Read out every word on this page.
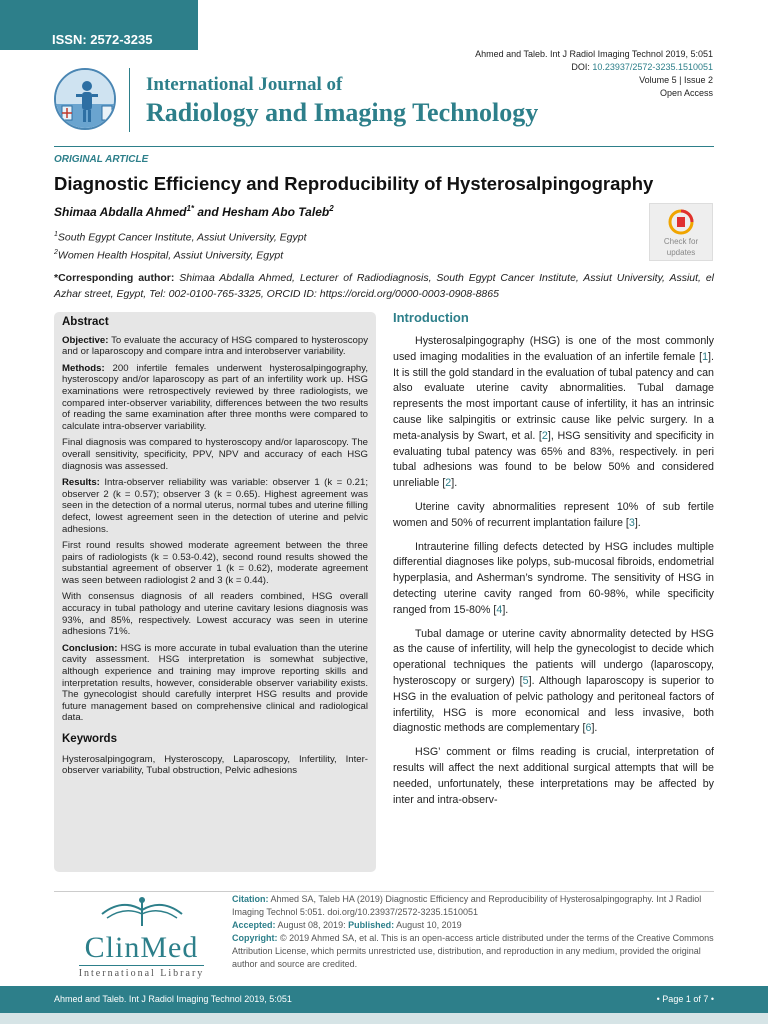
ISSN: 2572-3235
Ahmed and Taleb. Int J Radiol Imaging Technol 2019, 5:051
DOI: 10.23937/2572-3235.1510051
Volume 5 | Issue 2
Open Access
International Journal of
Radiology and Imaging Technology
ORIGINAL ARTICLE
Diagnostic Efficiency and Reproducibility of Hysterosalpingography
Shimaa Abdalla Ahmed$^{1*}$ and Hesham Abo Taleb$^2$
$^1$South Egypt Cancer Institute, Assiut University, Egypt
$^2$Women Health Hospital, Assiut University, Egypt
*Corresponding author: Shimaa Abdalla Ahmed, Lecturer of Radiodiagnosis, South Egypt Cancer Institute, Assiut University, Assiut, el Azhar street, Egypt, Tel: 002-0100-765-3325, ORCID ID: https://orcid.org/0000-0003-0908-8865
Check for
updates
Abstract

Objective: To evaluate the accuracy of HSG compared to hysteroscopy and or laparoscopy and compare intra and interobserver variability.

Methods: 200 infertile females underwent hysterosalpingography, hysteroscopy and/or laparoscopy as part of an infertility work up. HSG examinations were retrospectively reviewed by three radiologists, we compared inter-observer variability, differences between the two results of reading the same examination after three months were compared to calculate intra-observer variability.

Final diagnosis was compared to hysteroscopy and/or laparoscopy. The overall sensitivity, specificity, PPV, NPV and accuracy of each HSG diagnosis was assessed.

Results: Intra-observer reliability was variable: observer 1 (k = 0.21; observer 2 (k = 0.57); observer 3 (k = 0.65). Highest agreement was seen in the detection of a normal uterus, normal tubes and uterine filling defect, lowest agreement seen in the detection of uterine and pelvic adhesions.

First round results showed moderate agreement between the three pairs of radiologists (k = 0.53-0.42), second round results showed the substantial agreement of observer 1 (k = 0.62), moderate agreement was seen between radiologist 2 and 3 (k = 0.44).

With consensus diagnosis of all readers combined, HSG overall accuracy in tubal pathology and uterine cavitary lesions diagnosis was 93%, and 85%, respectively. Lowest accuracy was seen in uterine adhesions 71%.

Conclusion: HSG is more accurate in tubal evaluation than the uterine cavity assessment. HSG interpretation is somewhat subjective, although experience and training may improve reporting skills and interpretation results, however, considerable observer variability exists. The gynecologist should carefully interpret HSG results and provide future management based on comprehensive clinical and radiological data.

Keywords

Hysterosalpingogram, Hysteroscopy, Laparoscopy, Infertility, Inter-observer variability, Tubal obstruction, Pelvic adhesions

Introduction

Hysterosalpingography (HSG) is one of the most commonly used imaging modalities in the evaluation of an infertile female [1]. It is still the gold standard in the evaluation of tubal patency and can also evaluate uterine cavity abnormalities. Tubal damage represents the most important cause of infertility, it has an intrinsic cause like salpingitis or extrinsic cause like pelvic surgery. In a meta-analysis by Swart, et al. [2], HSG sensitivity and specificity in evaluating tubal patency was 65% and 83%, respectively. in peri tubal adhesions was found to be below 50% and considered unreliable [2].

Uterine cavity abnormalities represent 10% of sub fertile women and 50% of recurrent implantation failure [3].

Intrauterine filling defects detected by HSG includes multiple differential diagnoses like polyps, sub-mucosal fibroids, endometrial hyperplasia, and Asherman’s syndrome. The sensitivity of HSG in detecting uterine cavity ranged from 60-98%, while specificity ranged from 15-80% [4].

Tubal damage or uterine cavity abnormality detected by HSG as the cause of infertility, will help the gynecologist to decide which operational techniques the patients will undergo (laparoscopy, hysteroscopy or surgery) [5]. Although laparoscopy is superior to HSG in the evaluation of pelvic pathology and peritoneal factors of infertility, HSG is more economical and less invasive, both diagnostic methods are complementary [6].

HSG’ comment or films reading is crucial, interpretation of results will affect the next additional surgical attempts that will be needed, unfortunately, these interpretations may be affected by inter and intra-observ-

ClinMed
International Library
Citation: Ahmed SA, Taleb HA (2019) Diagnostic Efficiency and Reproducibility of Hysterosalpingography. Int J Radiol Imaging Technol 5:051. doi.org/10.23937/2572-3235.1510051
Accepted: August 08, 2019: Published: August 10, 2019
Copyright: © 2019 Ahmed SA, et al. This is an open-access article distributed under the terms of the Creative Commons Attribution License, which permits unrestricted use, distribution, and reproduction in any medium, provided the original author and source are credited.
Ahmed and Taleb. Int J Radiol Imaging Technol 2019, 5:051	• Page 1 of 7 •
